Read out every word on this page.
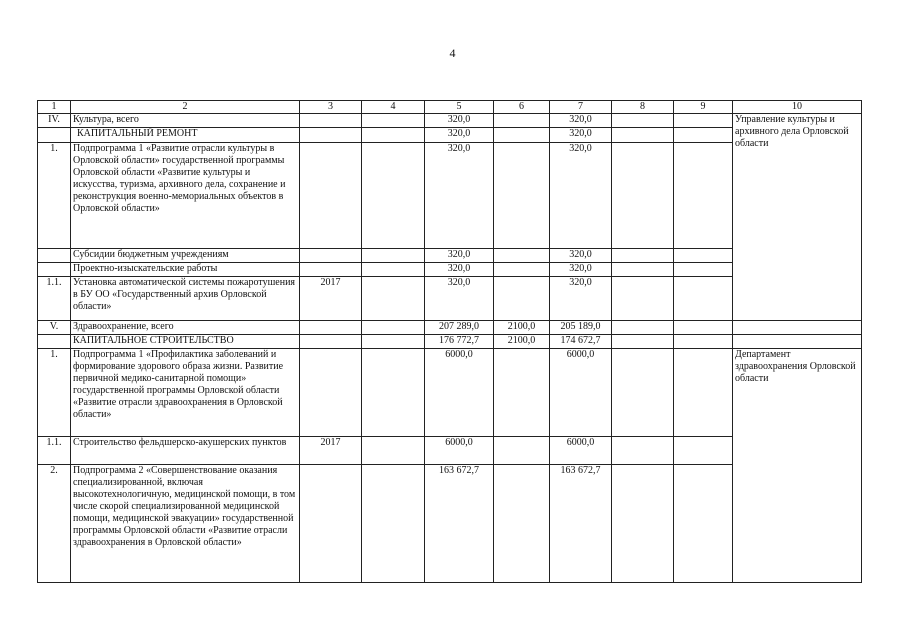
4
1	2	3	4	5	6	7	8	9	10
IV.	Культура, всего			320,0		320,0			Управление культуры и архивного дела Орловской области
	КАПИТАЛЬНЫЙ РЕМОНТ			320,0		320,0			
1.	Подпрограмма 1 «Развитие отрасли культуры в Орловской области» государственной программы Орловской области «Развитие культуры и искусства, туризма, архивного дела, сохранение и реконструкция военно-мемориальных объектов в Орловской области»			320,0		320,0			
	Субсидии бюджетным учреждениям			320,0		320,0			
	Проектно-изыскательские работы			320,0		320,0			
1.1.	Установка автоматической системы пожаротушения в БУ ОО «Государственный архив Орловской области»	2017		320,0		320,0			
V.	Здравоохранение, всего			207 289,0	2100,0	205 189,0			
	КАПИТАЛЬНОЕ СТРОИТЕЛЬСТВО			176 772,7	2100,0	174 672,7			
1.	Подпрограмма 1 «Профилактика заболеваний и формирование здорового образа жизни. Развитие первичной медико-санитарной помощи» государственной программы Орловской области «Развитие отрасли здравоохранения в Орловской области»			6000,0		6000,0			Департамент здравоохранения Орловской области
1.1.	Строительство фельдшерско-акушерских пунктов	2017		6000,0		6000,0			
2.	Подпрограмма 2 «Совершенствование оказания специализированной, включая высокотехнологичную, медицинской помощи, в том числе скорой специализированной медицинской помощи, медицинской эвакуации» государственной программы Орловской области «Развитие отрасли здравоохранения в Орловской области»			163 672,7		163 672,7			
